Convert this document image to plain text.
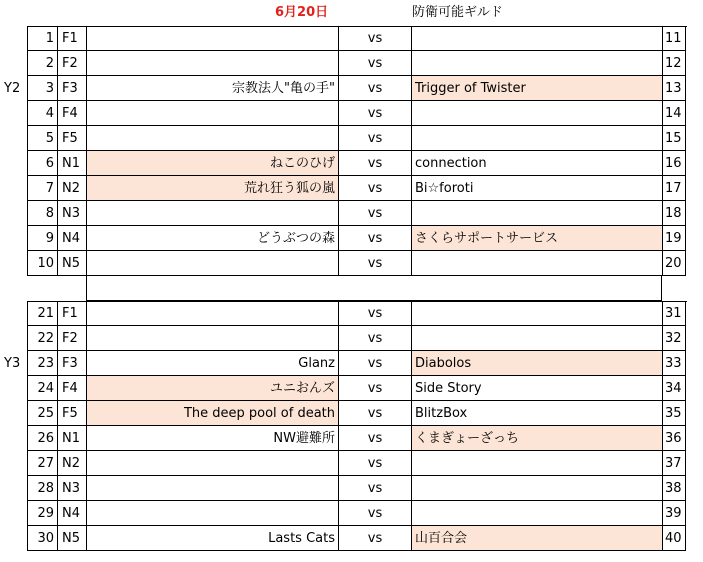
6月20日	防衛可能ギルド
1 F1	vs	11
2 F2	vs	12
3 F3	宗教法人"亀の手"	vs	Trigger of Twister	13
Y2
4 F4	vs	14
5 F5	vs	15
6 N1	ねこのひげ	vs	connection	16
7 N2	荒れ狂う狐の嵐	vs	Bi☆foroti	17
8 N3	vs	18
9 N4	どうぶつの森	vs	さくらサポートサービス	19
10 N5	vs	20
21 F1	vs	31
22 F2	vs	32
23 F3	Glanz	vs	Diabolos	33
Y3
24 F4	ユニおんズ	vs	Side Story	34
25 F5	The deep pool of death	vs	BlitzBox	35
26 N1	NW避難所	vs	くまぎょーざっち	36
27 N2	vs	37
28 N3	vs	38
29 N4	vs	39
30 N5	Lasts Cats	vs	山百合会	40
